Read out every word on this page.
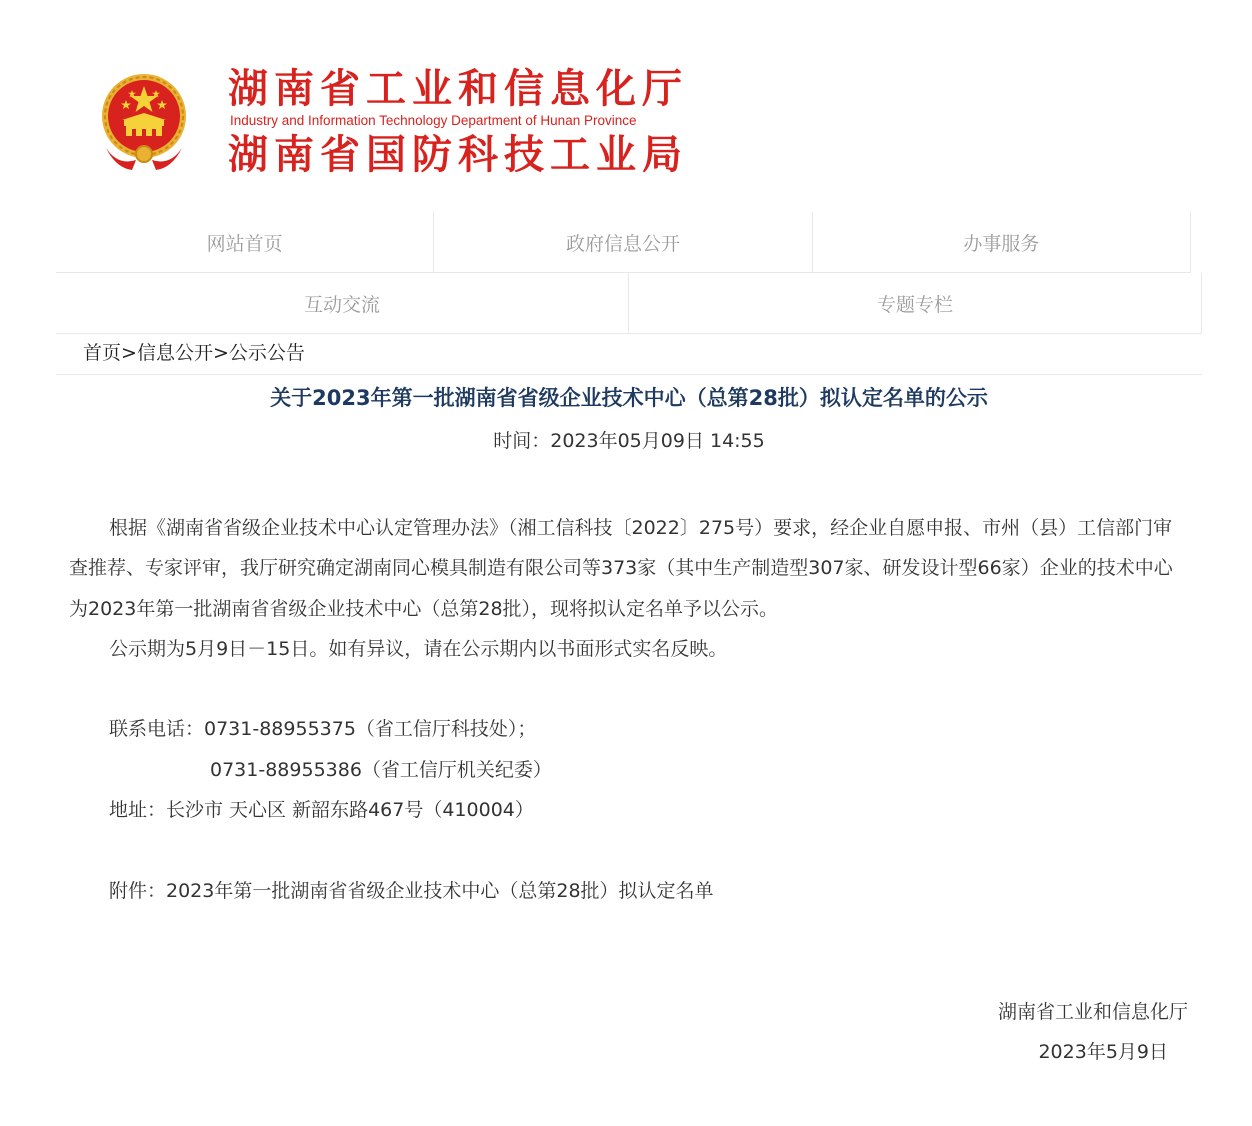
湖南省工业和信息化厅
Industry and Information Technology Department of Hunan Province
湖南省国防科技工业局
网站首页	政府信息公开	办事服务
互动交流	专题专栏
首页>信息公开>公示公告
关于2023年第一批湖南省省级企业技术中心（总第28批）拟认定名单的公示
时间：2023年05月09日 14:55

根据《湖南省省级企业技术中心认定管理办法》（湘工信科技〔2022〕275号）要求，经企业自愿申报、市州（县）工信部门审查推荐、专家评审，我厅研究确定湖南同心模具制造有限公司等373家（其中生产制造型307家、研发设计型66家）企业的技术中心为2023年第一批湖南省省级企业技术中心（总第28批），现将拟认定名单予以公示。

公示期为5月9日－15日。如有异议，请在公示期内以书面形式实名反映。

联系电话：0731-88955375（省工信厅科技处）；

0731-88955386（省工信厅机关纪委）

地址：长沙市 天心区 新韶东路467号（410004）

附件：2023年第一批湖南省省级企业技术中心（总第28批）拟认定名单

湖南省工业和信息化厅
2023年5月9日
